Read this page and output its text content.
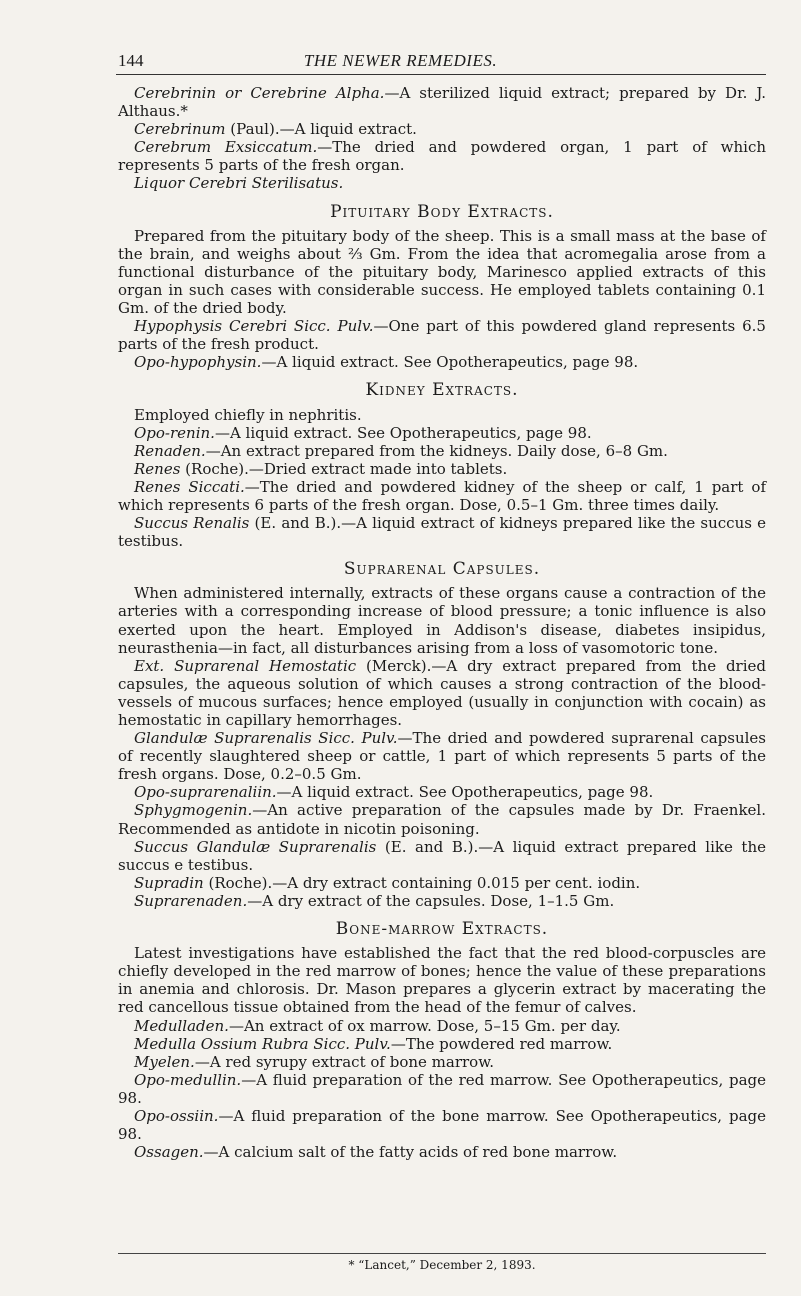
144	THE NEWER REMEDIES.

Cerebrinin or Cerebrine Alpha.—A sterilized liquid extract; prepared by Dr. J. Althaus.*

Cerebrinum (Paul).—A liquid extract.

Cerebrum Exsiccatum.—The dried and powdered organ, 1 part of which represents 5 parts of the fresh organ.

Liquor Cerebri Sterilisatus.

Pituitary Body Extracts.

Prepared from the pituitary body of the sheep. This is a small mass at the base of the brain, and weighs about ⅔ Gm. From the idea that acromegalia arose from a functional disturbance of the pituitary body, Marinesco applied extracts of this organ in such cases with considerable success. He employed tablets containing 0.1 Gm. of the dried body.

Hypophysis Cerebri Sicc. Pulv.—One part of this powdered gland represents 6.5 parts of the fresh product.

Opo-hypophysin.—A liquid extract. See Opotherapeutics, page 98.

Kidney Extracts.

Employed chiefly in nephritis.

Opo-renin.—A liquid extract. See Opotherapeutics, page 98.

Renaden.—An extract prepared from the kidneys. Daily dose, 6–8 Gm.

Renes (Roche).—Dried extract made into tablets.

Renes Siccati.—The dried and powdered kidney of the sheep or calf, 1 part of which represents 6 parts of the fresh organ. Dose, 0.5–1 Gm. three times daily.

Succus Renalis (E. and B.).—A liquid extract of kidneys prepared like the succus e testibus.

Suprarenal Capsules.

When administered internally, extracts of these organs cause a contraction of the arteries with a corresponding increase of blood pressure; a tonic influence is also exerted upon the heart. Employed in Addison's disease, diabetes insipidus, neurasthenia—in fact, all disturbances arising from a loss of vasomotoric tone.

Ext. Suprarenal Hemostatic (Merck).—A dry extract prepared from the dried capsules, the aqueous solution of which causes a strong contraction of the blood-vessels of mucous surfaces; hence employed (usually in conjunction with cocain) as hemostatic in capillary hemorrhages.

Glandulæ Suprarenalis Sicc. Pulv.—The dried and powdered suprarenal capsules of recently slaughtered sheep or cattle, 1 part of which represents 5 parts of the fresh organs. Dose, 0.2–0.5 Gm.

Opo-suprarenaliin.—A liquid extract. See Opotherapeutics, page 98.

Sphygmogenin.—An active preparation of the capsules made by Dr. Fraenkel. Recommended as antidote in nicotin poisoning.

Succus Glandulæ Suprarenalis (E. and B.).—A liquid extract prepared like the succus e testibus.

Supradin (Roche).—A dry extract containing 0.015 per cent. iodin.

Suprarenaden.—A dry extract of the capsules. Dose, 1–1.5 Gm.

Bone-marrow Extracts.

Latest investigations have established the fact that the red blood-corpuscles are chiefly developed in the red marrow of bones; hence the value of these preparations in anemia and chlorosis. Dr. Mason prepares a glycerin extract by macerating the red cancellous tissue obtained from the head of the femur of calves.

Medulladen.—An extract of ox marrow. Dose, 5–15 Gm. per day.

Medulla Ossium Rubra Sicc. Pulv.—The powdered red marrow.

Myelen.—A red syrupy extract of bone marrow.

Opo-medullin.—A fluid preparation of the red marrow. See Opotherapeutics, page 98.

Opo-ossiin.—A fluid preparation of the bone marrow. See Opotherapeutics, page 98.

Ossagen.—A calcium salt of the fatty acids of red bone marrow.

* “Lancet,” December 2, 1893.
